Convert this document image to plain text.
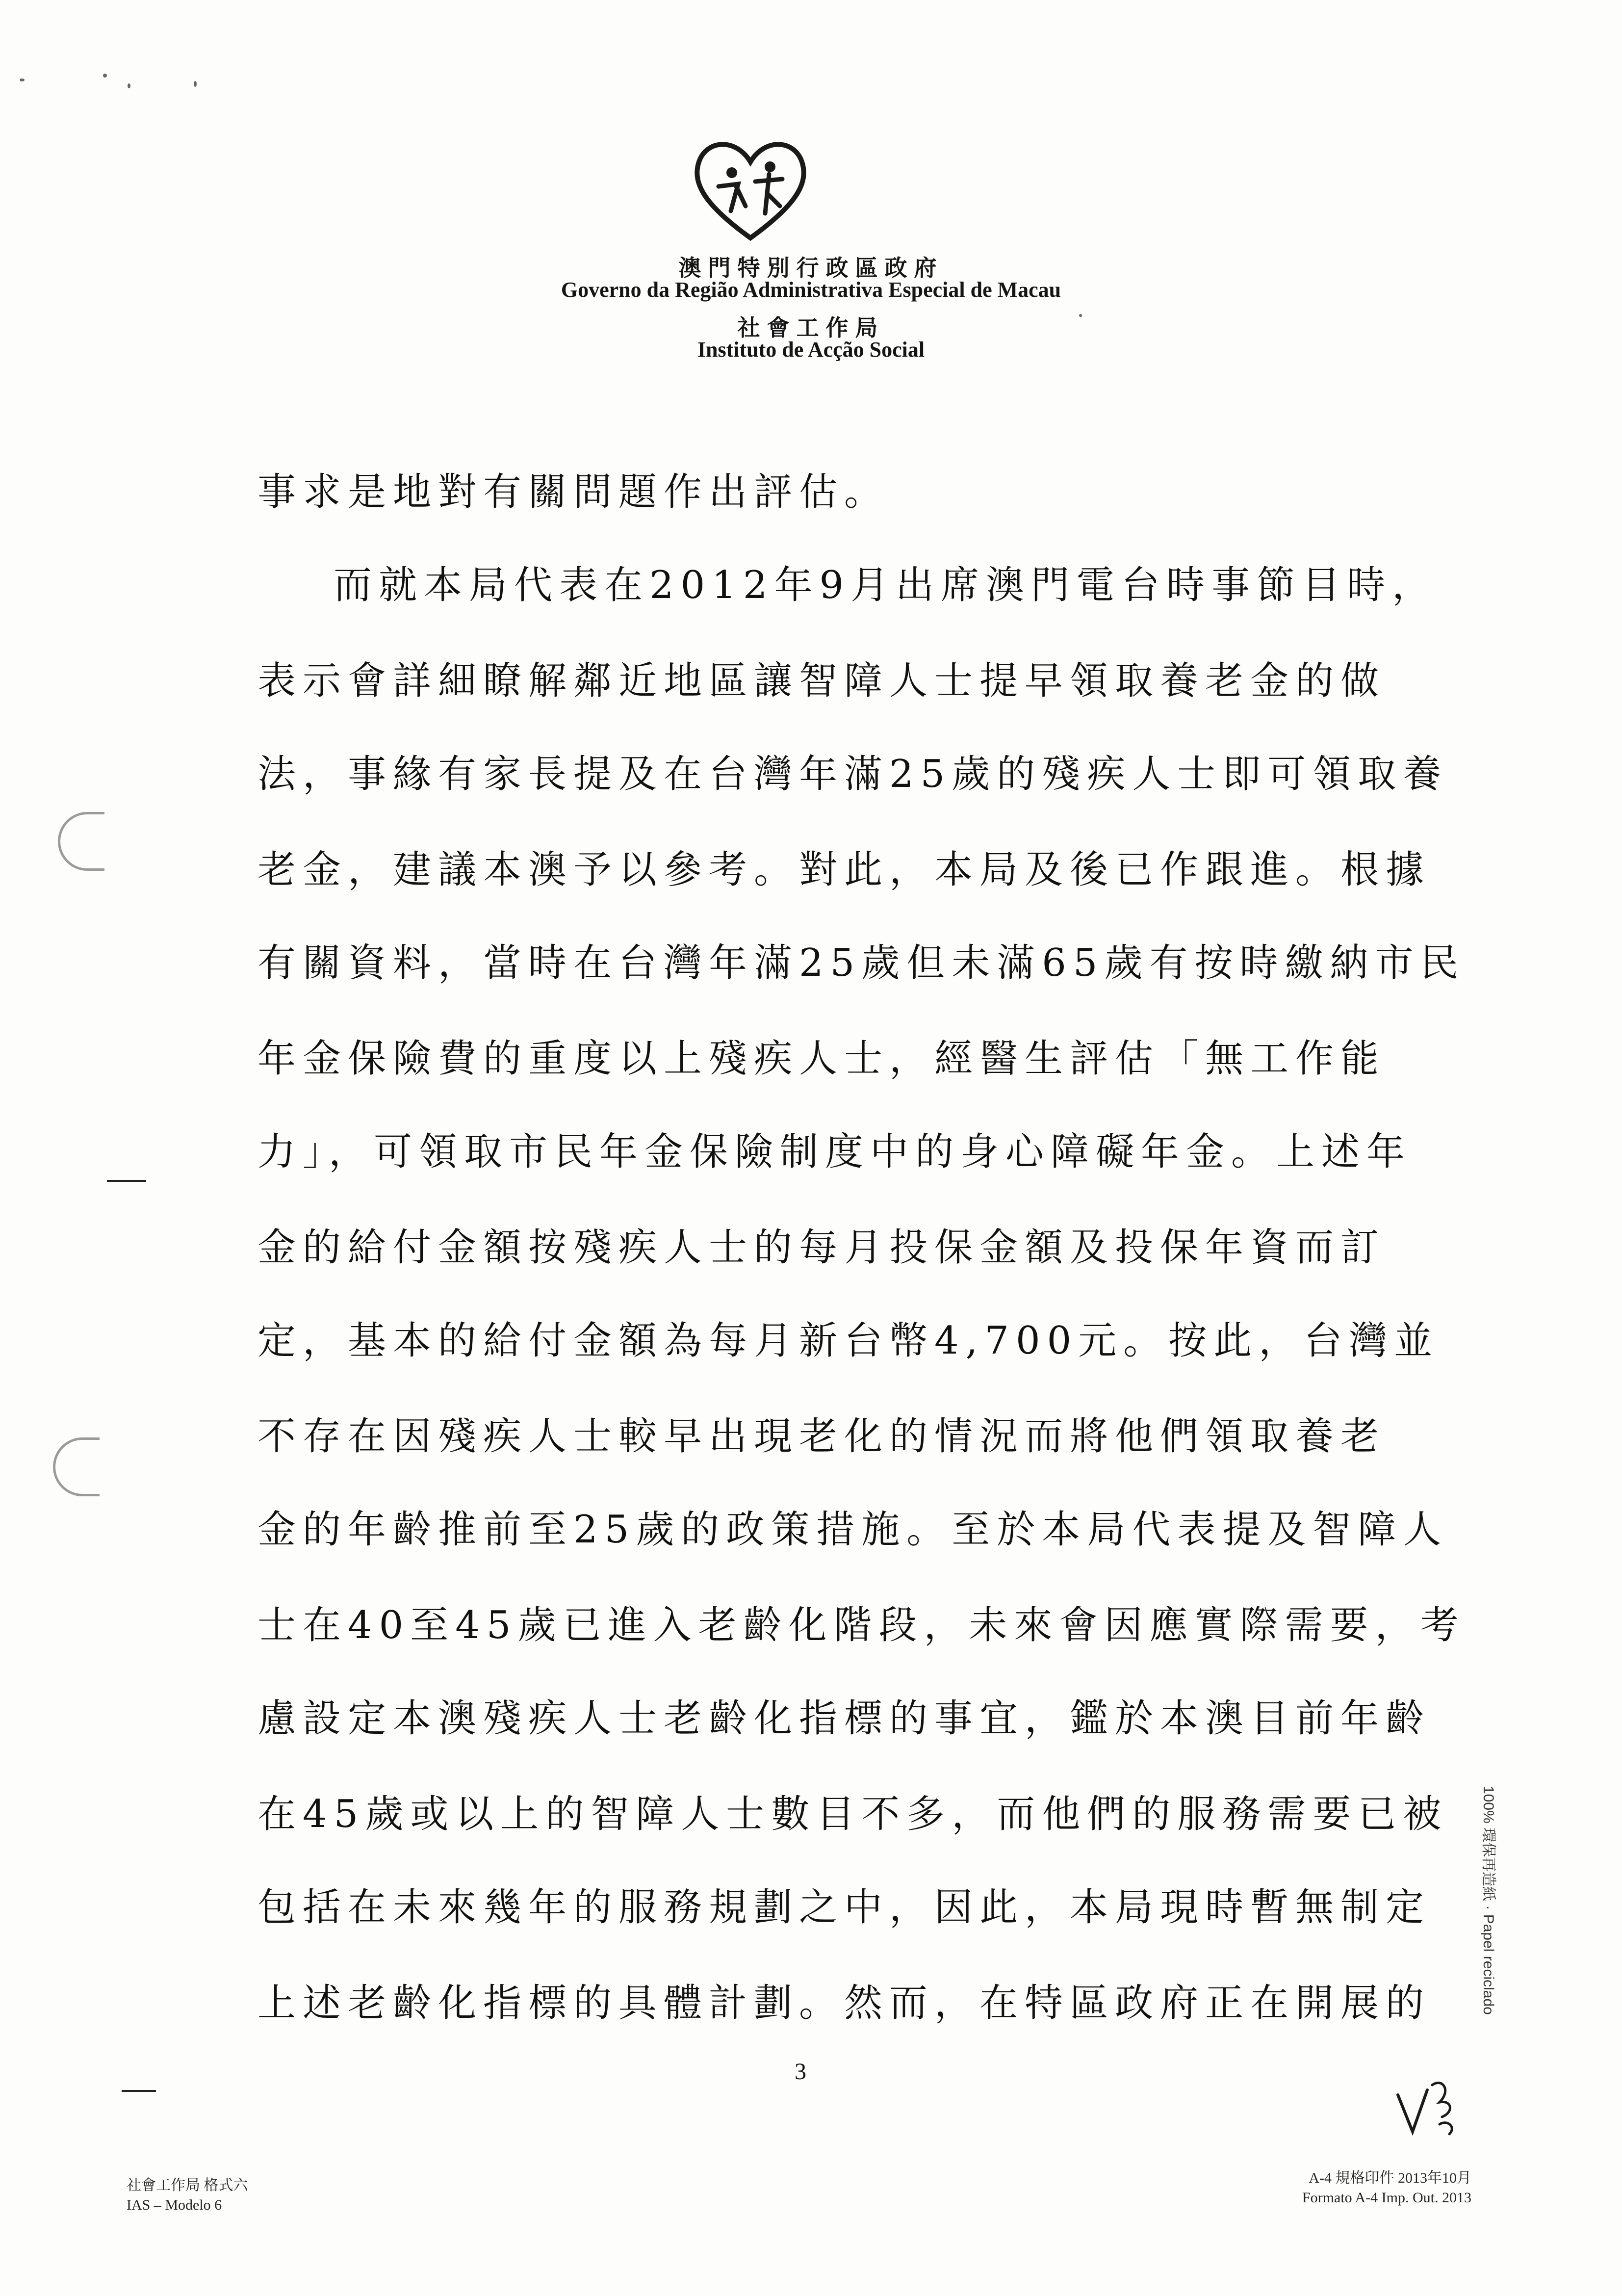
澳門特別行政區政府
Governo da Região Administrativa Especial de Macau
社會工作局
Instituto de Acção Social
事求是地對有關問題作出評估。
而就本局代表在2012年9月出席澳門電台時事節目時，
表示會詳細瞭解鄰近地區讓智障人士提早領取養老金的做
法，事緣有家長提及在台灣年滿25歲的殘疾人士即可領取養
老金，建議本澳予以參考。對此，本局及後已作跟進。根據
有關資料，當時在台灣年滿25歲但未滿65歲有按時繳納市民
年金保險費的重度以上殘疾人士，經醫生評估「無工作能
力」，可領取市民年金保險制度中的身心障礙年金。上述年
金的給付金額按殘疾人士的每月投保金額及投保年資而訂
定，基本的給付金額為每月新台幣4,700元。按此，台灣並
不存在因殘疾人士較早出現老化的情況而將他們領取養老
金的年齡推前至25歲的政策措施。至於本局代表提及智障人
士在40至45歲已進入老齡化階段，未來會因應實際需要，考
慮設定本澳殘疾人士老齡化指標的事宜，鑑於本澳目前年齡
在45歲或以上的智障人士數目不多，而他們的服務需要已被
包括在未來幾年的服務規劃之中，因此，本局現時暫無制定
上述老齡化指標的具體計劃。然而，在特區政府正在開展的
3
社會工作局 格式六
IAS – Modelo 6
A-4 規格印件 2013年10月
Formato A-4 Imp. Out. 2013
100% 環保再造紙 · Papel reciclado
